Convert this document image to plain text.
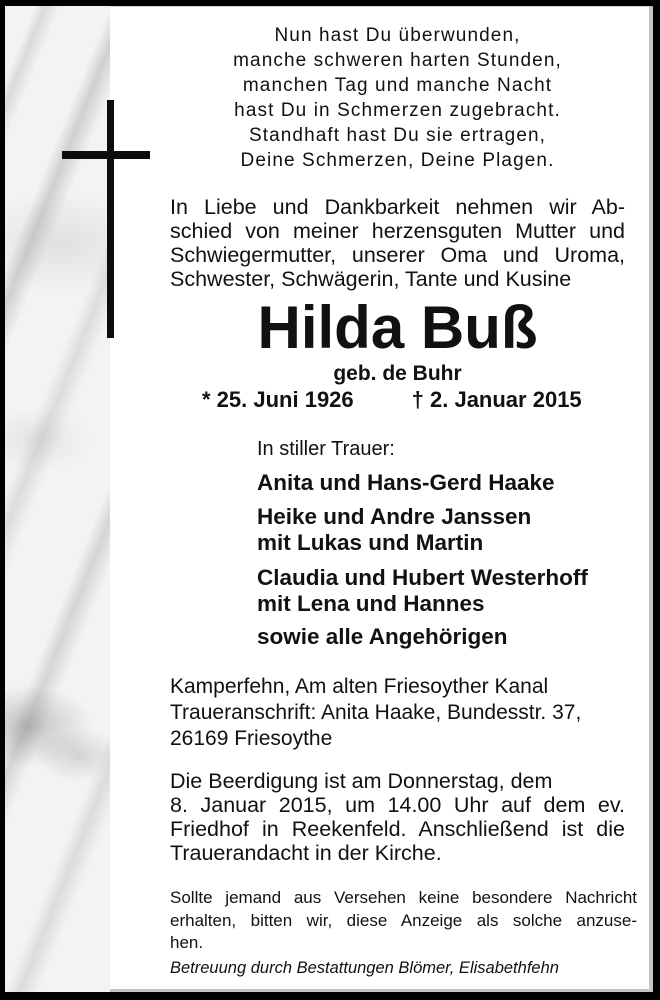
Nun hast Du überwunden,
manche schweren harten Stunden,
manchen Tag und manche Nacht
hast Du in Schmerzen zugebracht.
Standhaft hast Du sie ertragen,
Deine Schmerzen, Deine Plagen.
In Liebe und Dankbarkeit nehmen wir Ab-
schied von meiner herzensguten Mutter und
Schwiegermutter, unserer Oma und Uroma,
Schwester, Schwägerin, Tante und Kusine
Hilda Buß
geb. de Buhr
* 25. Juni 1926	† 2. Januar 2015
In stiller Trauer:
Anita und Hans-Gerd Haake
Heike und Andre Janssen
mit Lukas und Martin
Claudia und Hubert Westerhoff
mit Lena und Hannes
sowie alle Angehörigen
Kamperfehn, Am alten Friesoyther Kanal
Traueranschrift: Anita Haake, Bundesstr. 37,
26169 Friesoythe
Die Beerdigung ist am Donnerstag, dem
8. Januar 2015, um 14.00 Uhr auf dem ev.
Friedhof in Reekenfeld. Anschließend ist die
Trauerandacht in der Kirche.
Sollte jemand aus Versehen keine besondere Nachricht
erhalten, bitten wir, diese Anzeige als solche anzuse-
hen.
Betreuung durch Bestattungen Blömer, Elisabethfehn
